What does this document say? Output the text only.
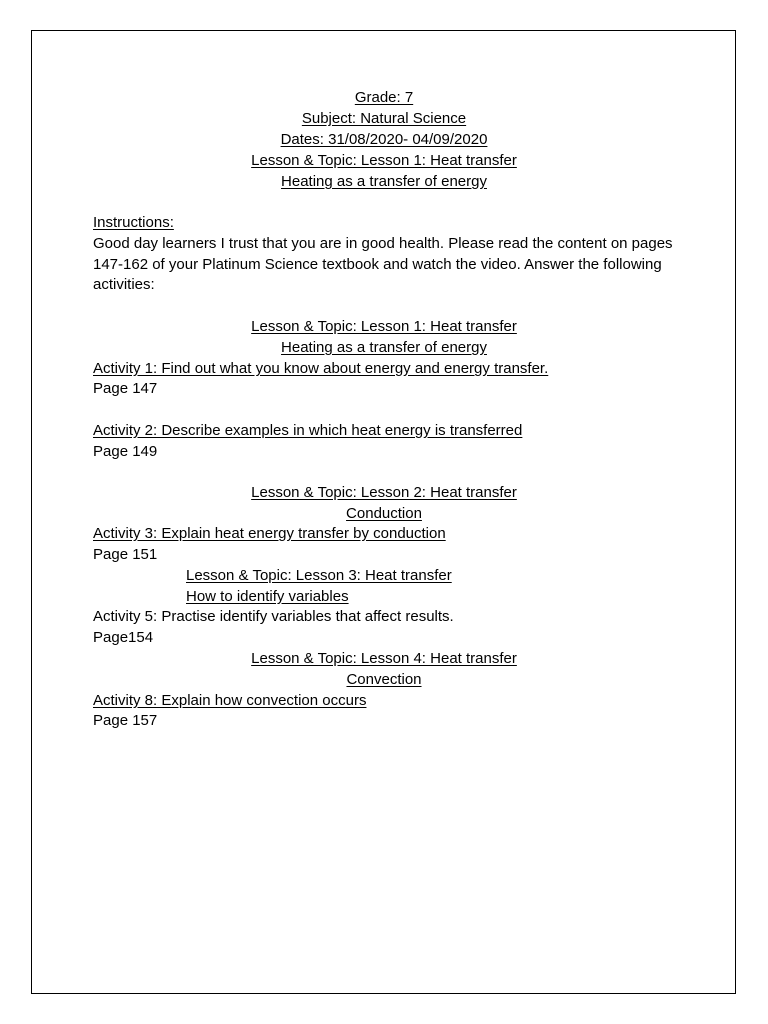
Grade: 7
Subject: Natural Science
Dates: 31/08/2020- 04/09/2020
Lesson & Topic: Lesson 1: Heat transfer
Heating as a transfer of energy
Instructions:
Good day learners I trust that you are in good health. Please read the content on pages 147-162 of your Platinum Science textbook and watch the video. Answer the following activities:
Lesson & Topic: Lesson 1: Heat transfer
Heating as a transfer of energy
Activity 1: Find out what you know about energy and energy transfer.
Page 147
Activity 2: Describe examples in which heat energy is transferred
Page 149
Lesson & Topic: Lesson 2: Heat transfer
Conduction
Activity 3: Explain heat energy transfer by conduction
Page 151
Lesson & Topic: Lesson 3: Heat transfer
How to identify variables
Activity 5: Practise identify variables that affect results.
Page154
Lesson & Topic: Lesson 4: Heat transfer
Convection
Activity 8: Explain how convection occurs
Page 157
